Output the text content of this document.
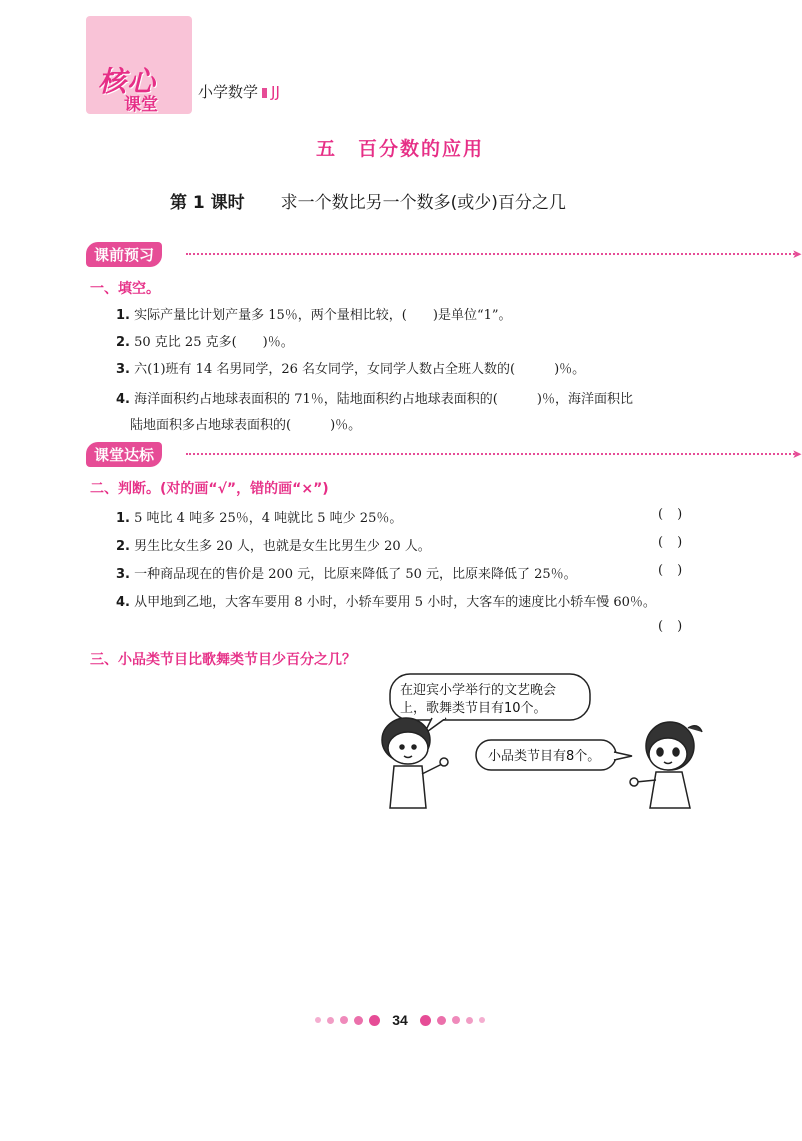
核心
课堂
小学数学 JJ
五　百分数的应用
第 1 课时 求一个数比另一个数多(或少)百分之几
课前预习	➤
一、填空。
1. 实际产量比计划产量多 15％，两个量相比较，(　　)是单位“1”。
2. 50 克比 25 克多(　　)％。
3. 六(1)班有 14 名男同学，26 名女同学，女同学人数占全班人数的(　　　)％。
4. 海洋面积约占地球表面积的 71％，陆地面积约占地球表面积的(　　　)％，海洋面积比
陆地面积多占地球表面积的(　　　)％。
课堂达标	➤
二、判断。(对的画“√”，错的画“×”)
1. 5 吨比 4 吨多 25％，4 吨就比 5 吨少 25％。	()
2. 男生比女生多 20 人，也就是女生比男生少 20 人。	()
3. 一种商品现在的售价是 200 元，比原来降低了 50 元，比原来降低了 25％。	()
4. 从甲地到乙地，大客车要用 8 小时，小轿车要用 5 小时，大客车的速度比小轿车慢 60％。
()
三、小品类节目比歌舞类节目少百分之几？
在迎宾小学举行的文艺晚会
上，歌舞类节目有10个。
小品类节目有8个。
34
